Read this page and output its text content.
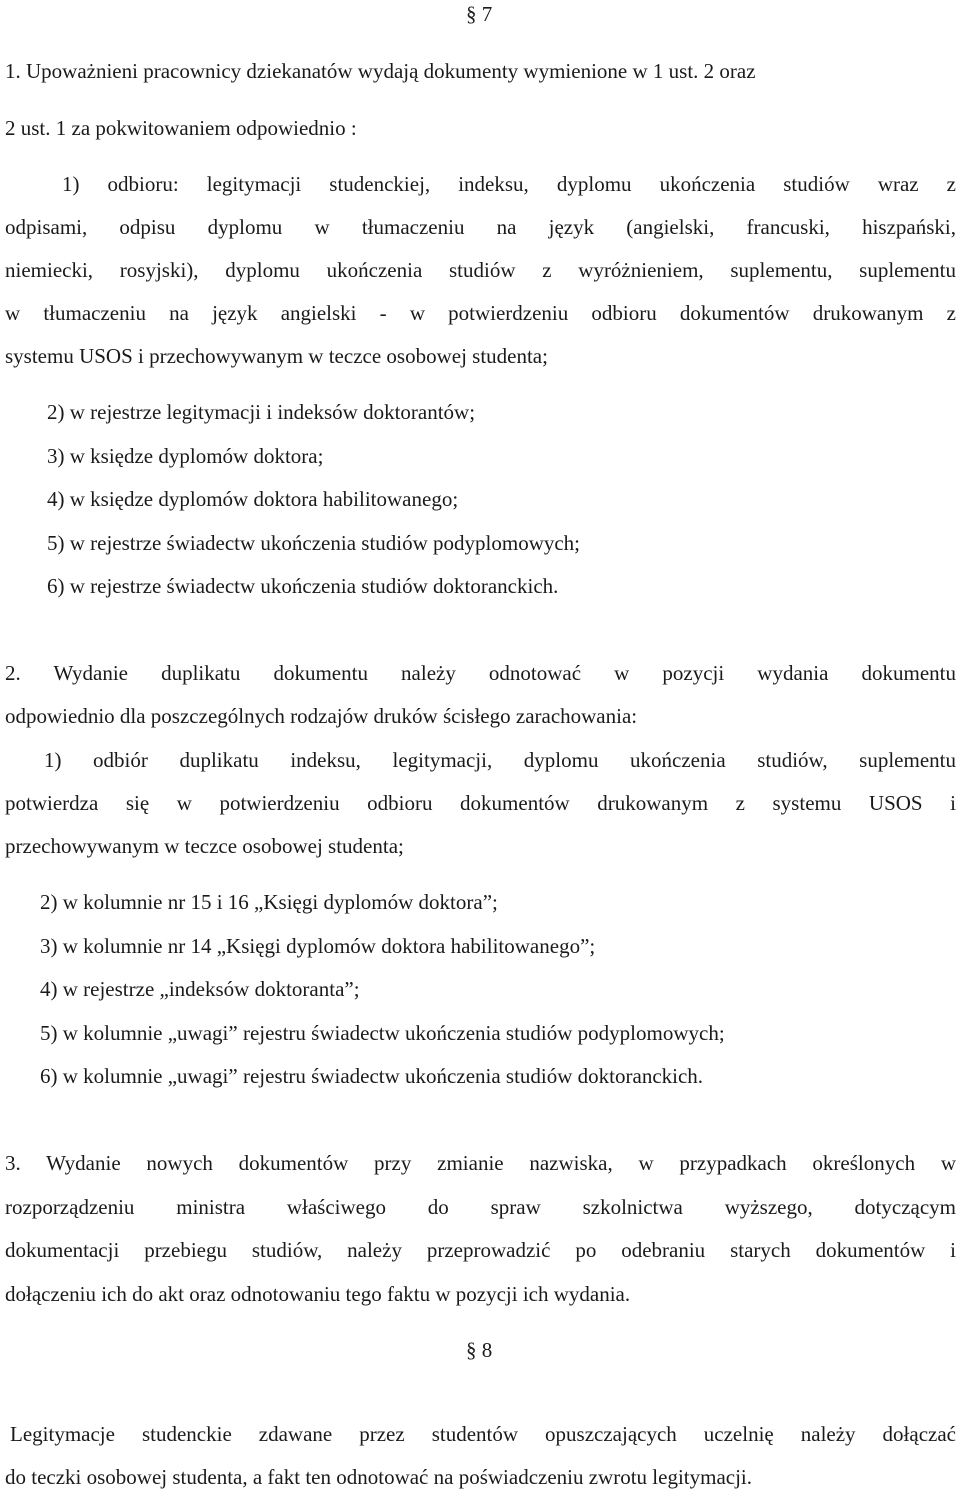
§ 7
1. Upoważnieni pracownicy dziekanatów wydają dokumenty wymienione w 1 ust. 2 oraz
2 ust. 1 za pokwitowaniem odpowiednio :
1) odbioru: legitymacji studenckiej, indeksu, dyplomu ukończenia studiów wraz z
odpisami, odpisu dyplomu w tłumaczeniu na język (angielski, francuski, hiszpański,
niemiecki, rosyjski), dyplomu ukończenia studiów z wyróżnieniem, suplementu, suplementu
w tłumaczeniu na język angielski - w potwierdzeniu odbioru dokumentów drukowanym z
systemu USOS i przechowywanym w teczce osobowej studenta;
2) w rejestrze legitymacji i indeksów doktorantów;
3) w księdze dyplomów doktora;
4) w księdze dyplomów doktora habilitowanego;
5) w rejestrze świadectw ukończenia studiów podyplomowych;
6) w rejestrze świadectw ukończenia studiów doktoranckich.
2. Wydanie duplikatu dokumentu należy odnotować w pozycji wydania dokumentu
odpowiednio dla poszczególnych rodzajów druków ścisłego zarachowania:
1) odbiór duplikatu indeksu, legitymacji, dyplomu ukończenia studiów, suplementu
potwierdza się w potwierdzeniu odbioru dokumentów drukowanym z systemu USOS i
przechowywanym w teczce osobowej studenta;
2) w kolumnie nr 15 i 16 „Księgi dyplomów doktora”;
3) w kolumnie nr 14 „Księgi dyplomów doktora habilitowanego”;
4) w rejestrze „indeksów doktoranta”;
5) w kolumnie „uwagi” rejestru świadectw ukończenia studiów podyplomowych;
6) w kolumnie „uwagi” rejestru świadectw ukończenia studiów doktoranckich.
3. Wydanie nowych dokumentów przy zmianie nazwiska, w przypadkach określonych w
rozporządzeniu ministra właściwego do spraw szkolnictwa wyższego, dotyczącym
dokumentacji przebiegu studiów, należy przeprowadzić po odebraniu starych dokumentów i
dołączeniu ich do akt oraz odnotowaniu tego faktu w pozycji ich wydania.
§ 8
Legitymacje studenckie zdawane przez studentów opuszczających uczelnię należy dołączać
do teczki osobowej studenta, a fakt ten odnotować na poświadczeniu zwrotu legitymacji.
